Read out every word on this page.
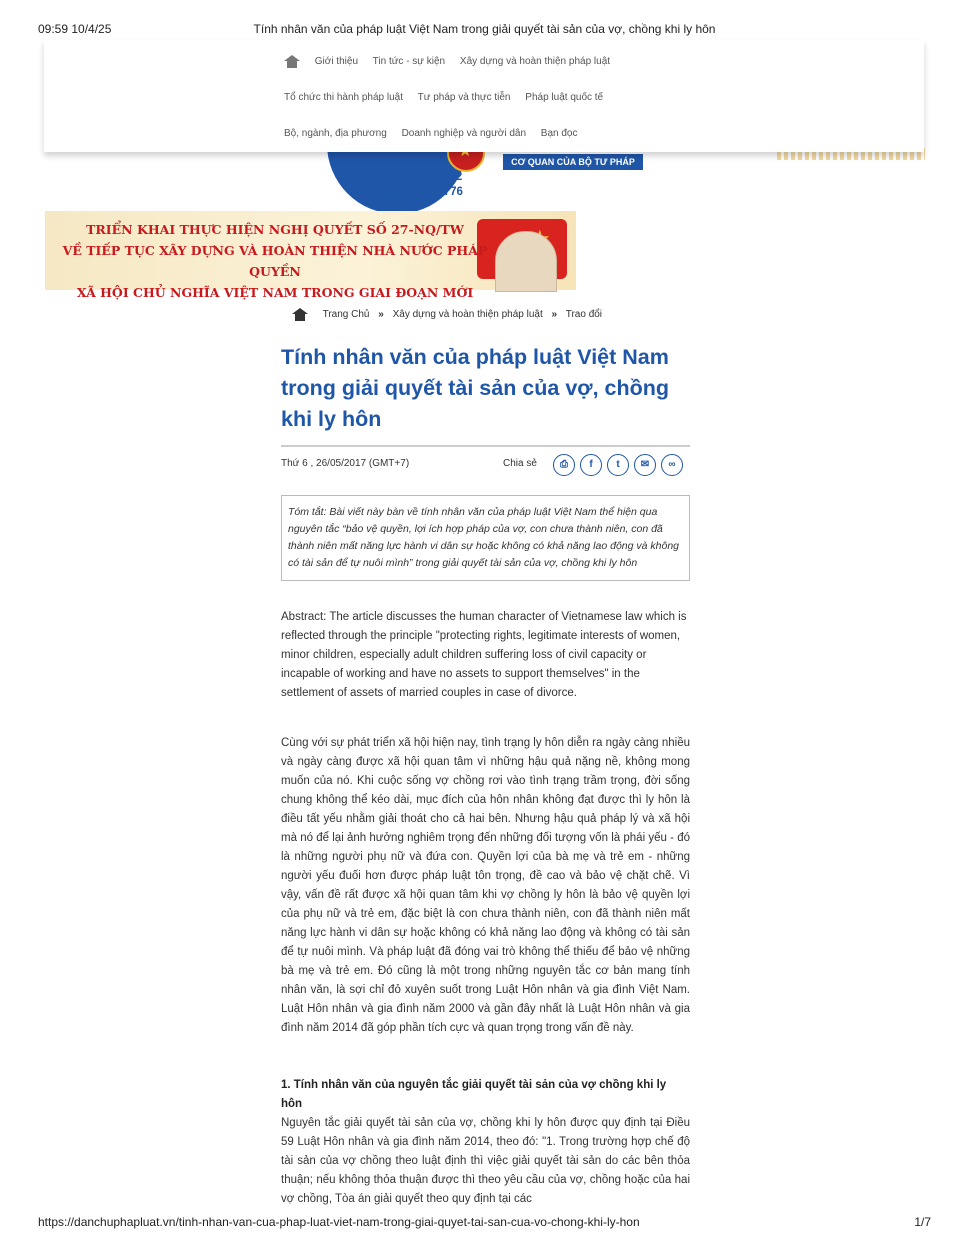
09:59 10/4/25	Tính nhân văn của pháp luật Việt Nam trong giải quyết tài sản của vợ, chồng khi ly hôn
e-ISSN 3030-4792
p-ISSN 3030-4776
★
CƠ QUAN CỦA BỘ TƯ PHÁP
Giới thiệu Tin tức - sự kiện Xây dựng và hoàn thiện pháp luật
Tổ chức thi hành pháp luật Tư pháp và thực tiễn Pháp luật quốc tế
Bộ, ngành, địa phương Doanh nghiệp và người dân Bạn đọc
★
TRIỂN KHAI THỰC HIỆN NGHỊ QUYẾT SỐ 27-NQ/TW
VỀ TIẾP TỤC XÂY DỰNG VÀ HOÀN THIỆN NHÀ NƯỚC PHÁP QUYỀN
XÃ HỘI CHỦ NGHĨA VIỆT NAM TRONG GIAI ĐOẠN MỚI
Trang Chủ » Xây dựng và hoàn thiện pháp luật » Trao đổi
Tính nhân văn của pháp luật Việt Nam trong giải quyết tài sản của vợ, chồng khi ly hôn
Thứ 6 , 26/05/2017 (GMT+7)	Chia sẻ	⎙	f	t	✉	∞
Tóm tắt: Bài viết này bàn về tính nhân văn của pháp luật Việt Nam thể hiện qua nguyên tắc “bảo vệ quyền, lợi ích hợp pháp của vợ, con chưa thành niên, con đã thành niên mất năng lực hành vi dân sự hoặc không có khả năng lao động và không có tài sản để tự nuôi mình” trong giải quyết tài sản của vợ, chồng khi ly hôn
Abstract: The article discusses the human character of Vietnamese law which is reflected through the principle "protecting rights, legitimate interests of women, minor children, especially adult children suffering loss of civil capacity or incapable of working and have no assets to support themselves" in the settlement of assets of married couples in case of divorce.
Cùng với sự phát triển xã hội hiện nay, tình trạng ly hôn diễn ra ngày càng nhiều và ngày càng được xã hội quan tâm vì những hậu quả nặng nề, không mong muốn của nó. Khi cuộc sống vợ chồng rơi vào tình trạng trầm trọng, đời sống chung không thể kéo dài, mục đích của hôn nhân không đạt được thì ly hôn là điều tất yếu nhằm giải thoát cho cả hai bên. Nhưng hậu quả pháp lý và xã hội mà nó để lại ảnh hưởng nghiêm trọng đến những đối tượng vốn là phái yếu - đó là những người phụ nữ và đứa con. Quyền lợi của bà mẹ và trẻ em - những người yếu đuối hơn được pháp luật tôn trọng, đề cao và bảo vệ chặt chẽ. Vì vậy, vấn đề rất được xã hội quan tâm khi vợ chồng ly hôn là bảo vệ quyền lợi của phụ nữ và trẻ em, đặc biệt là con chưa thành niên, con đã thành niên mất năng lực hành vi dân sự hoặc không có khả năng lao động và không có tài sản để tự nuôi mình. Và pháp luật đã đóng vai trò không thể thiếu để bảo vệ những bà mẹ và trẻ em. Đó cũng là một trong những nguyên tắc cơ bản mang tính nhân văn, là sợi chỉ đỏ xuyên suốt trong Luật Hôn nhân và gia đình Việt Nam. Luật Hôn nhân và gia đình năm 2000 và gần đây nhất là Luật Hôn nhân và gia đình năm 2014 đã góp phần tích cực và quan trọng trong vấn đề này.
1. Tính nhân văn của nguyên tắc giải quyết tài sản của vợ chồng khi ly hôn
Nguyên tắc giải quyết tài sản của vợ, chồng khi ly hôn được quy định tại Điều 59 Luật Hôn nhân và gia đình năm 2014, theo đó: "1. Trong trường hợp chế độ tài sản của vợ chồng theo luật định thì việc giải quyết tài sản do các bên thỏa thuận; nếu không thỏa thuận được thì theo yêu cầu của vợ, chồng hoặc của hai vợ chồng, Tòa án giải quyết theo quy định tại các
https://danchuphapluat.vn/tinh-nhan-van-cua-phap-luat-viet-nam-trong-giai-quyet-tai-san-cua-vo-chong-khi-ly-hon	1/7
